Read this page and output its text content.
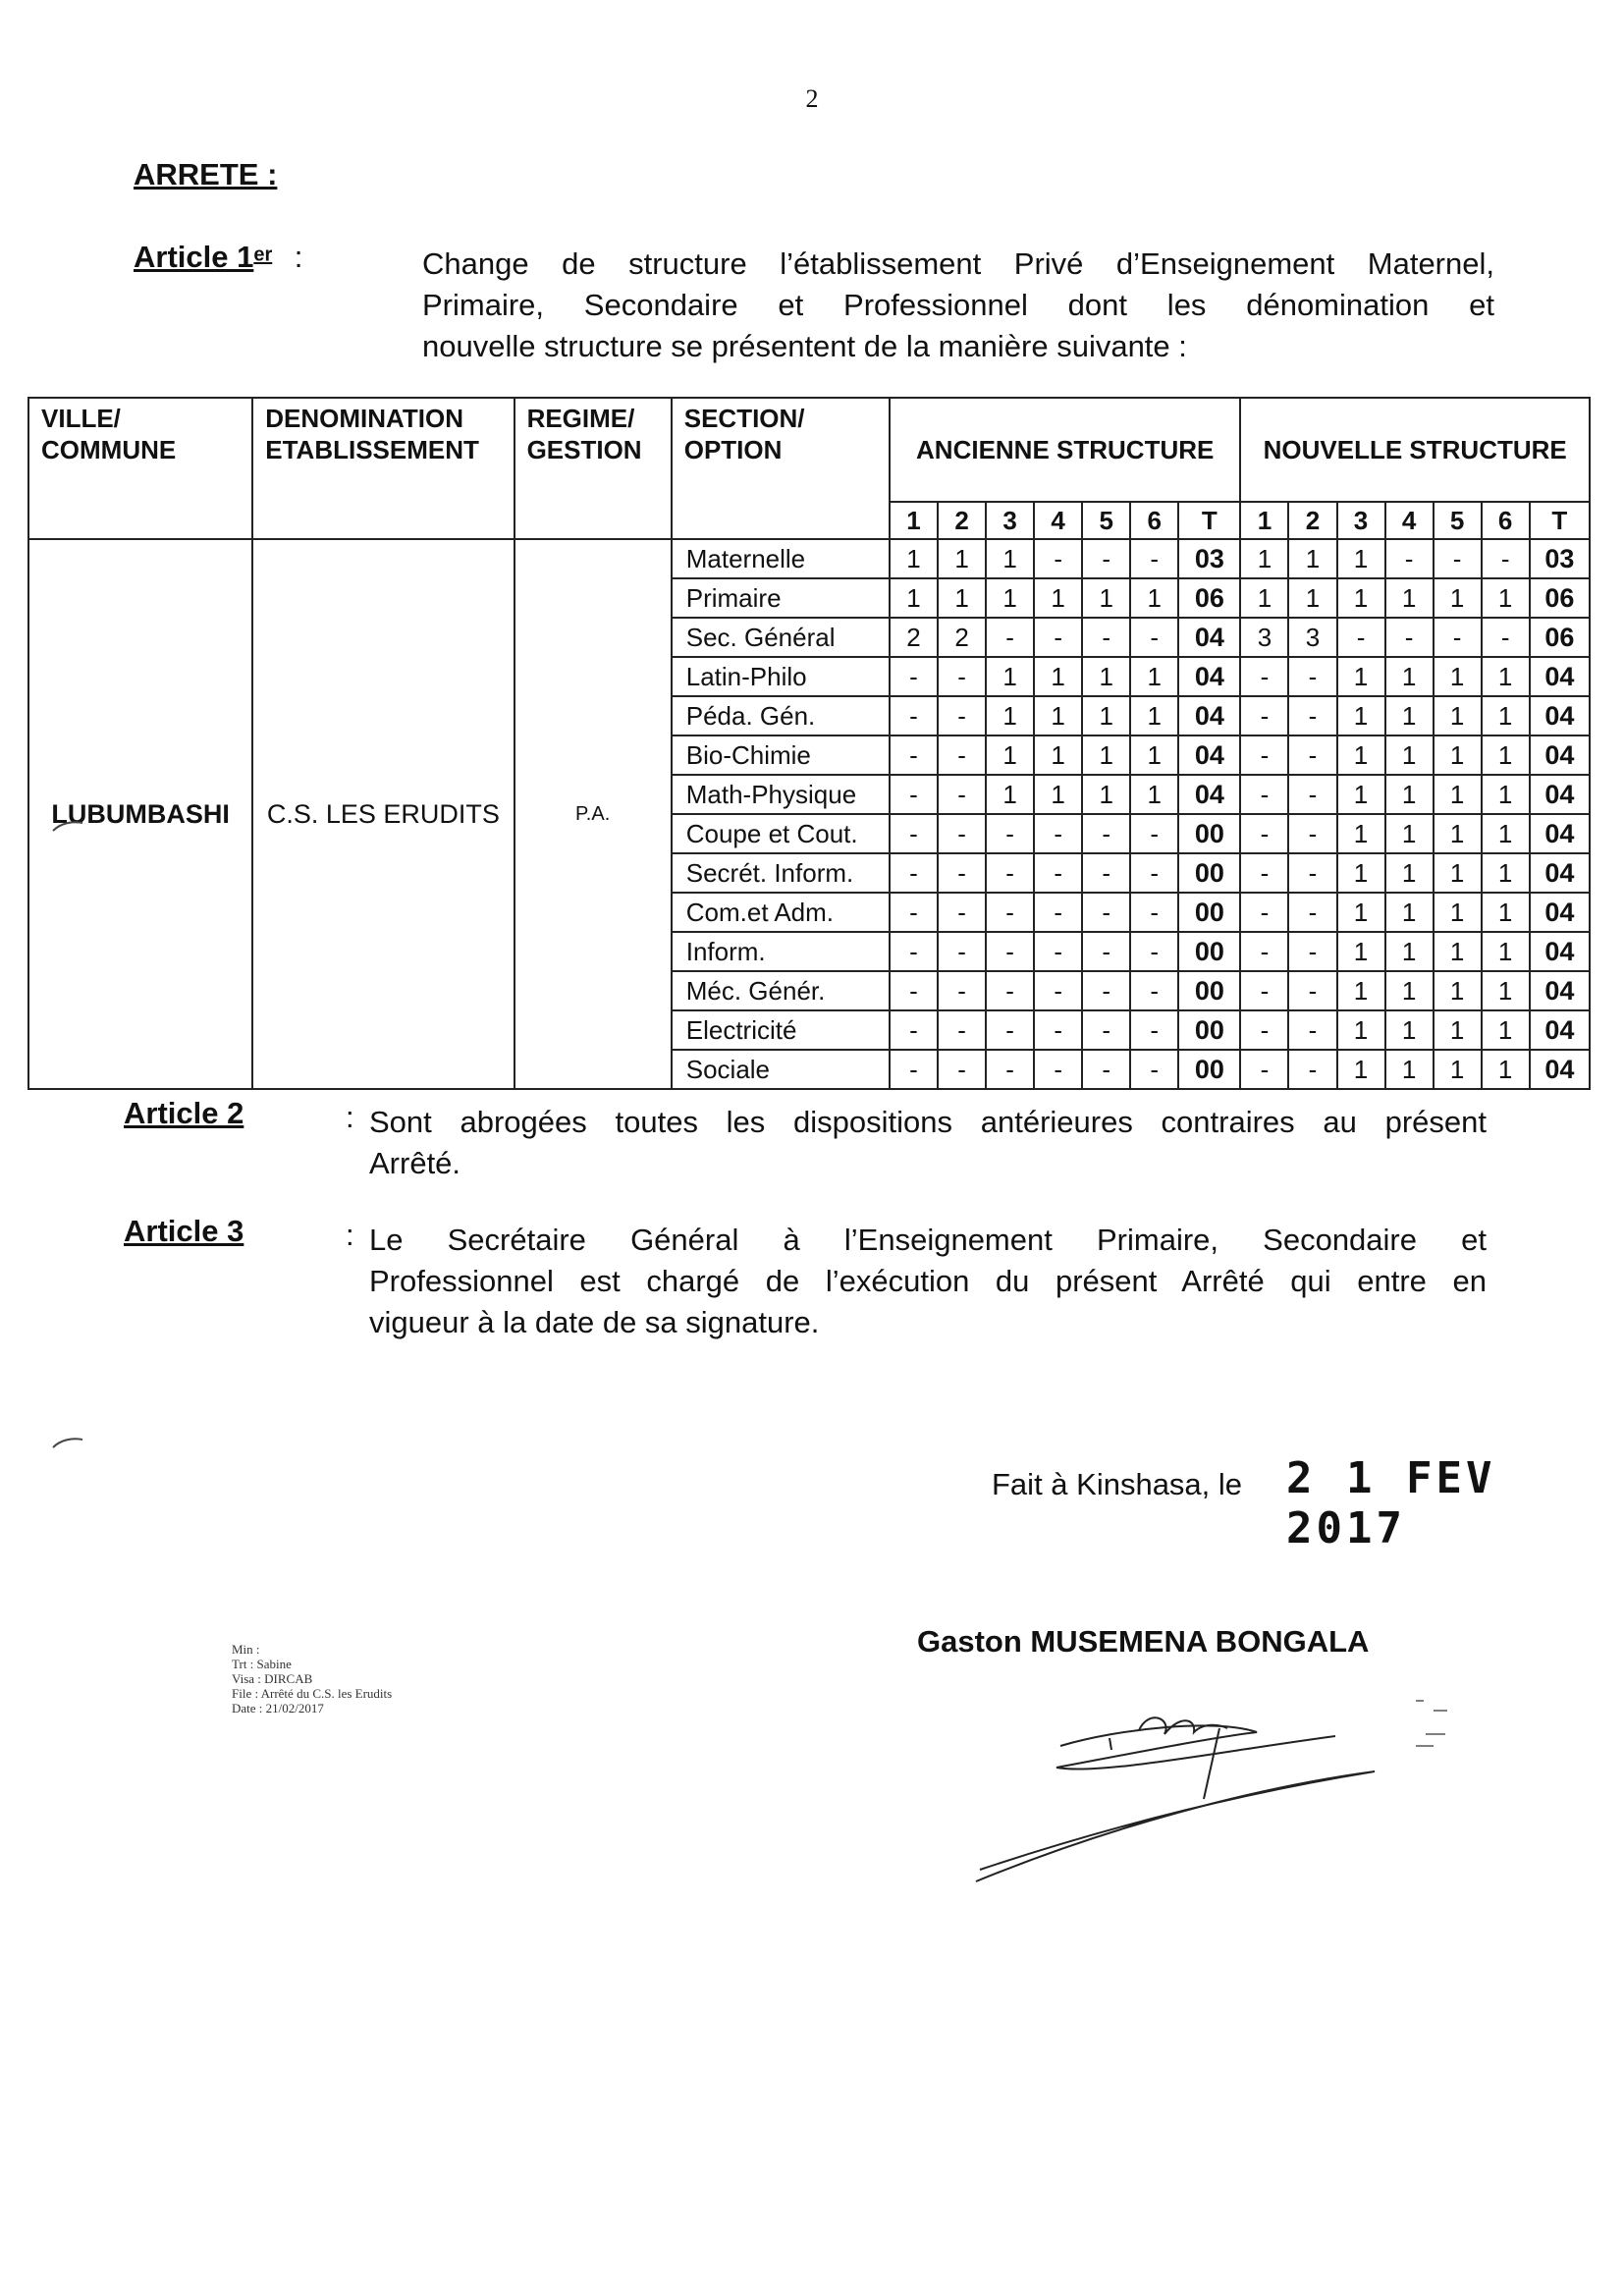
2
ARRETE :
Article 1er :	Change de structure l’établissement Privé d’Enseignement Maternel,
Primaire, Secondaire et Professionnel dont les dénomination et
nouvelle structure se présentent de la manière suivante :
VILLE/ COMMUNE	DENOMINATION ETABLISSEMENT	REGIME/ GESTION	SECTION/ OPTION	ANCIENNE STRUCTURE							NOUVELLE STRUCTURE						
				1	2	3	4	5	6	T	1	2	3	4	5	6	T
LUBUMBASHI	C.S. LES ERUDITS	P.A.	Maternelle	1	1	1	-	-	-	03	1	1	1	-	-	-	03
			Primaire	1	1	1	1	1	1	06	1	1	1	1	1	1	06
			Sec. Général	2	2	-	-	-	-	04	3	3	-	-	-	-	06
			Latin-Philo	-	-	1	1	1	1	04	-	-	1	1	1	1	04
			Péda. Gén.	-	-	1	1	1	1	04	-	-	1	1	1	1	04
			Bio-Chimie	-	-	1	1	1	1	04	-	-	1	1	1	1	04
			Math-Physique	-	-	1	1	1	1	04	-	-	1	1	1	1	04
			Coupe et Cout.	-	-	-	-	-	-	00	-	-	1	1	1	1	04
			Secrét. Inform.	-	-	-	-	-	-	00	-	-	1	1	1	1	04
			Com.et Adm.	-	-	-	-	-	-	00	-	-	1	1	1	1	04
			Inform.	-	-	-	-	-	-	00	-	-	1	1	1	1	04
			Méc. Génér.	-	-	-	-	-	-	00	-	-	1	1	1	1	04
			Electricité	-	-	-	-	-	-	00	-	-	1	1	1	1	04
			Sociale	-	-	-	-	-	-	00	-	-	1	1	1	1	04
Article 2	: Sont abrogées toutes les dispositions antérieures contraires au présent
Arrêté.
Article 3	: Le Secrétaire Général à l’Enseignement Primaire, Secondaire et
Professionnel est chargé de l’exécution du présent Arrêté qui entre en
vigueur à la date de sa signature.
Fait à Kinshasa, le 2 1 FEV 2017
Gaston MUSEMENA BONGALA
Min :
Trt : Sabine
Visa : DIRCAB
File : Arrêté du C.S. les Erudits
Date : 21/02/2017
